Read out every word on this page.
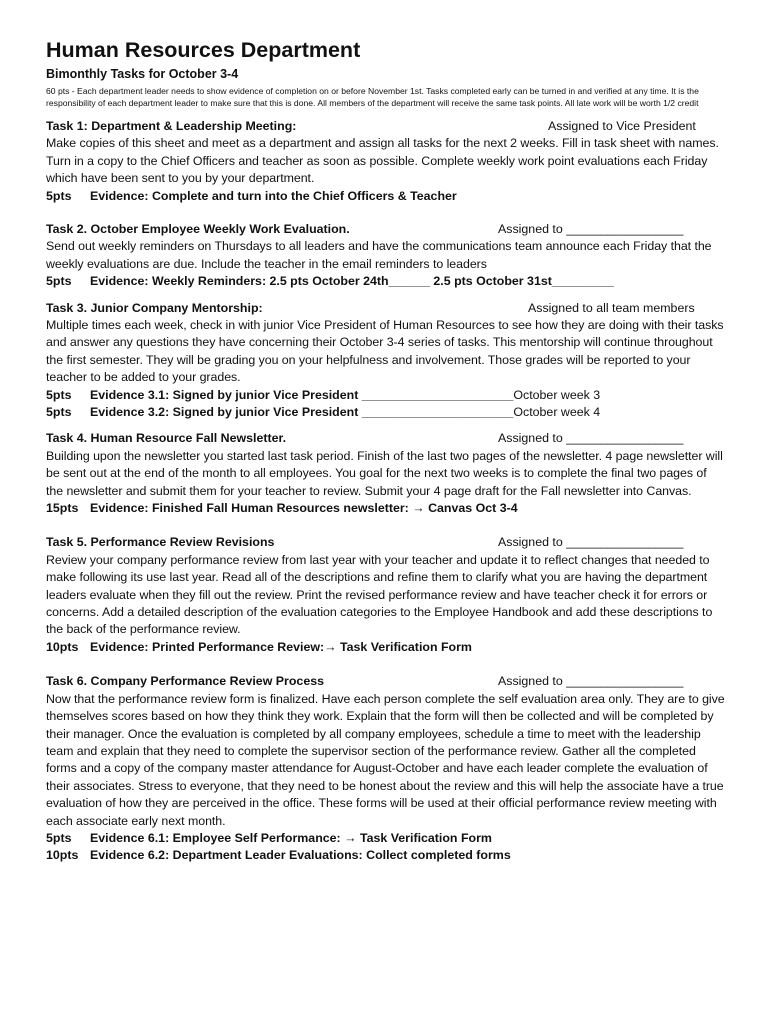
Human Resources Department
Bimonthly Tasks for October 3-4
60 pts - Each department leader needs to show evidence of completion on or before November 1st. Tasks completed early can be turned in and verified at any time. It is the responsibility of each department leader to make sure that this is done. All members of the department will receive the same task points. All late work will be worth 1/2 credit
Task 1: Department & Leadership Meeting:	Assigned to Vice President
Make copies of this sheet and meet as a department and assign all tasks for the next 2 weeks. Fill in task sheet with names. Turn in a copy to the Chief Officers and teacher as soon as possible. Complete weekly work point evaluations each Friday which have been sent to you by your department.
5pts Evidence: Complete and turn into the Chief Officers & Teacher
Task 2. October Employee Weekly Work Evaluation.	Assigned to _________________
Send out weekly reminders on Thursdays to all leaders and have the communications team announce each Friday that the weekly evaluations are due. Include the teacher in the email reminders to leaders
5pts Evidence: Weekly Reminders: 2.5 pts October 24th______ 2.5 pts October 31st_________
Task 3. Junior Company Mentorship:	Assigned to all team members
Multiple times each week, check in with junior Vice President of Human Resources to see how they are doing with their tasks and answer any questions they have concerning their October 3-4 series of tasks. This mentorship will continue throughout the first semester. They will be grading you on your helpfulness and involvement. Those grades will be reported to your teacher to be added to your grades.
5pts Evidence 3.1: Signed by junior Vice President ______________________October week 3
5pts Evidence 3.2: Signed by junior Vice President ______________________October week 4
Task 4. Human Resource Fall Newsletter.	Assigned to _________________
Building upon the newsletter you started last task period. Finish of the last two pages of the newsletter. 4 page newsletter will be sent out at the end of the month to all employees. You goal for the next two weeks is to complete the final two pages of the newsletter and submit them for your teacher to review. Submit your 4 page draft for the Fall newsletter into Canvas.
15pts Evidence: Finished Fall Human Resources newsletter: → Canvas Oct 3-4
Task 5. Performance Review Revisions	Assigned to _________________
Review your company performance review from last year with your teacher and update it to reflect changes that needed to make following its use last year. Read all of the descriptions and refine them to clarify what you are having the department leaders evaluate when they fill out the review. Print the revised performance review and have teacher check it for errors or concerns. Add a detailed description of the evaluation categories to the Employee Handbook and add these descriptions to the back of the performance review.
10pts Evidence: Printed Performance Review:→ Task Verification Form
Task 6. Company Performance Review Process	Assigned to _________________
Now that the performance review form is finalized. Have each person complete the self evaluation area only. They are to give themselves scores based on how they think they work. Explain that the form will then be collected and will be completed by their manager. Once the evaluation is completed by all company employees, schedule a time to meet with the leadership team and explain that they need to complete the supervisor section of the performance review. Gather all the completed forms and a copy of the company master attendance for August-October and have each leader complete the evaluation of their associates. Stress to everyone, that they need to be honest about the review and this will help the associate have a true evaluation of how they are perceived in the office. These forms will be used at their official performance review meeting with each associate early next month.
5pts Evidence 6.1: Employee Self Performance: → Task Verification Form
10pts Evidence 6.2: Department Leader Evaluations: Collect completed forms
